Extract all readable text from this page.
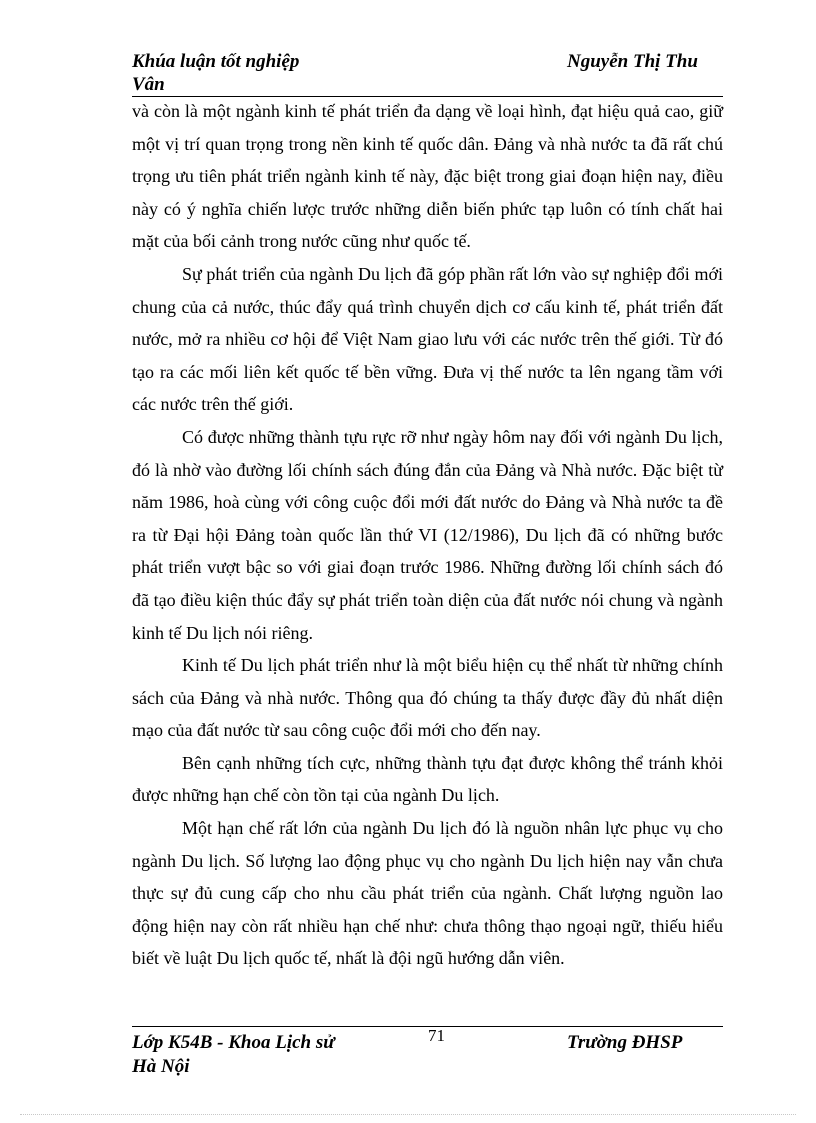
Khúa luận tốt nghiệp
Vân
Nguyễn Thị Thu

và còn là một ngành kinh tế phát triển đa dạng về loại hình, đạt hiệu quả cao, giữ một vị trí quan trọng trong nền kinh tế quốc dân. Đảng và nhà nước ta đã rất chú trọng ưu tiên phát triển ngành kinh tế này, đặc biệt trong giai đoạn hiện nay, điều này có ý nghĩa chiến lược trước những diễn biến phức tạp luôn có tính chất hai mặt của bối cảnh trong nước cũng như quốc tế.

Sự phát triển của ngành Du lịch đã góp phần rất lớn vào sự nghiệp đổi mới chung của cả nước, thúc đẩy quá trình chuyển dịch cơ cấu kinh tế, phát triển đất nước, mở ra nhiều cơ hội để Việt Nam giao lưu với các nước trên thế giới. Từ đó tạo ra các mối liên kết quốc tế bền vững. Đưa vị thế nước ta lên ngang tầm với các nước trên thế giới.

Có được những thành tựu rực rỡ như ngày hôm nay đối với ngành Du lịch, đó là nhờ vào đường lối chính sách đúng đắn của Đảng và Nhà nước. Đặc biệt từ năm 1986, hoà cùng với công cuộc đổi mới đất nước do Đảng và Nhà nước ta đề ra từ Đại hội Đảng toàn quốc lần thứ VI (12/1986), Du lịch đã có những bước phát triển vượt bậc so với giai đoạn trước 1986. Những đường lối chính sách đó đã tạo điều kiện thúc đẩy sự phát triển toàn diện của đất nước nói chung và ngành kinh tế Du lịch nói riêng.

Kinh tế Du lịch phát triển như là một biểu hiện cụ thể nhất từ những chính sách của Đảng và nhà nước. Thông qua đó chúng ta thấy được đầy đủ nhất diện mạo của đất nước từ sau công cuộc đổi mới cho đến nay.

Bên cạnh những tích cực, những thành tựu đạt được không thể tránh khỏi được những hạn chế còn tồn tại của ngành Du lịch.

Một hạn chế rất lớn của ngành Du lịch đó là nguồn nhân lực phục vụ cho ngành Du lịch. Số lượng lao động phục vụ cho ngành Du lịch hiện nay vẫn chưa thực sự đủ cung cấp cho nhu cầu phát triển của ngành. Chất lượng nguồn lao động hiện nay còn rất nhiều hạn chế như: chưa thông thạo ngoại ngữ, thiếu hiểu biết về luật Du lịch quốc tế, nhất là đội ngũ hướng dẫn viên.

Lớp K54B - Khoa Lịch sử
Hà Nội
71	Trường ĐHSP
